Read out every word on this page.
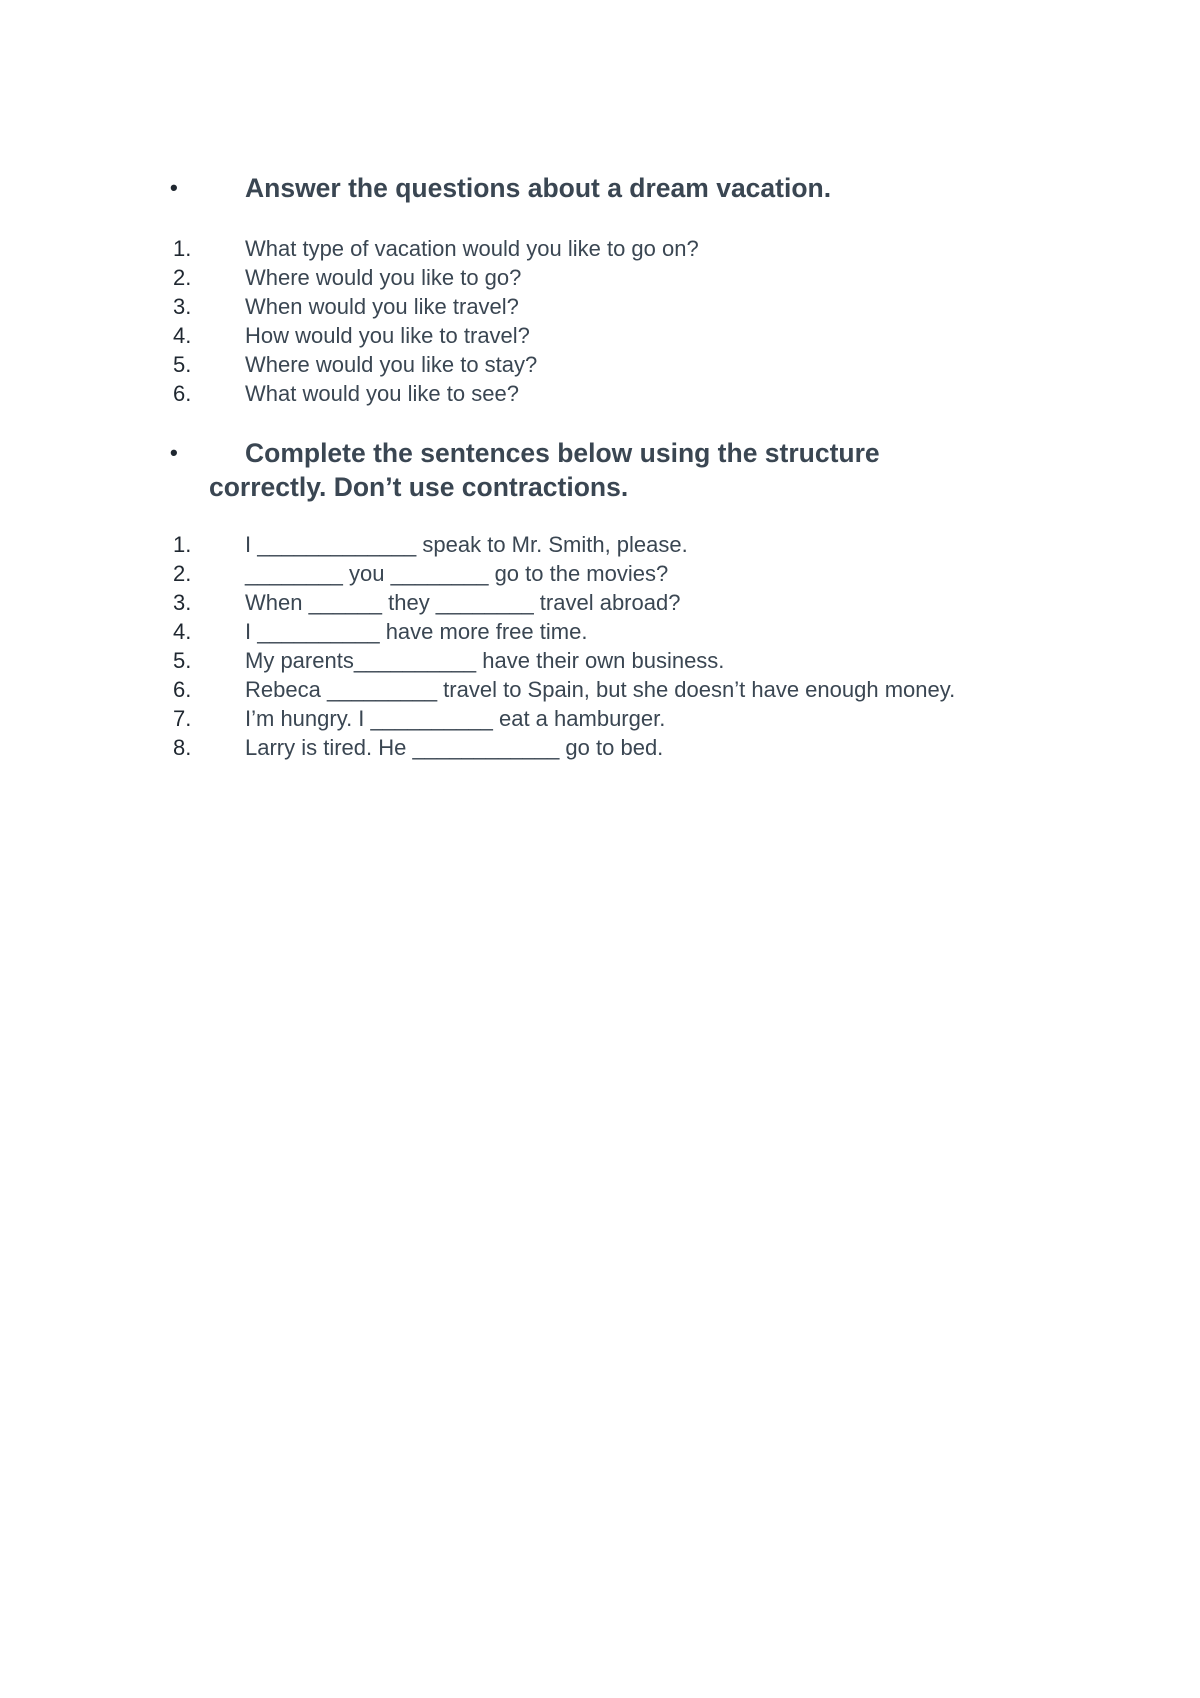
•	Answer the questions about a dream vacation.
1. What type of vacation would you like to go on?
2. Where would you like to go?
3. When would you like travel?
4. How would you like to travel?
5. Where would you like to stay?
6. What would you like to see?
•	Complete the sentences below using the structure
correctly. Don’t use contractions.
1. I _____________ speak to Mr. Smith, please.
2. ________ you ________ go to the movies?
3. When ______ they ________ travel abroad?
4. I __________ have more free time.
5. My parents__________ have their own business.
6. Rebeca _________ travel to Spain, but she doesn’t have enough money.
7. I’m hungry. I __________ eat a hamburger.
8. Larry is tired. He ____________ go to bed.
